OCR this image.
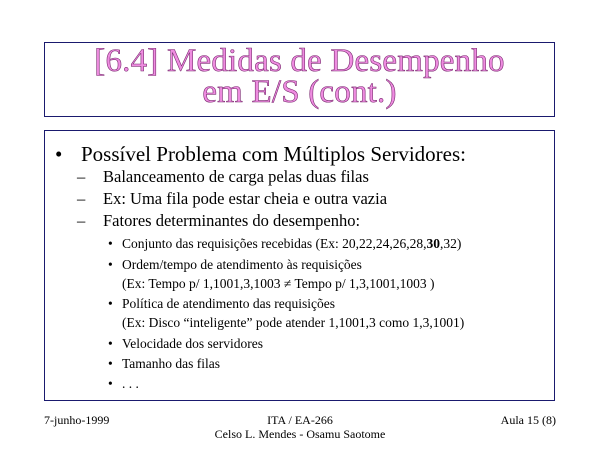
[6.4] Medidas de Desempenho
em E/S (cont.)
• Possível Problema com Múltiplos Servidores:
– Balanceamento de carga pelas duas filas
– Ex: Uma fila pode estar cheia e outra vazia
– Fatores determinantes do desempenho:
• Conjunto das requisições recebidas (Ex: 20,22,24,26,28,30,32)
• Ordem/tempo de atendimento às requisições
(Ex: Tempo p/ 1,1001,3,1003 ≠ Tempo p/ 1,3,1001,1003 )
• Política de atendimento das requisições
(Ex: Disco “inteligente” pode atender 1,1001,3 como 1,3,1001)
• Velocidade dos servidores
• Tamanho das filas
• . . .
7-junho-1999	ITA / EA-266
Celso L. Mendes - Osamu Saotome
Aula 15 (8)
